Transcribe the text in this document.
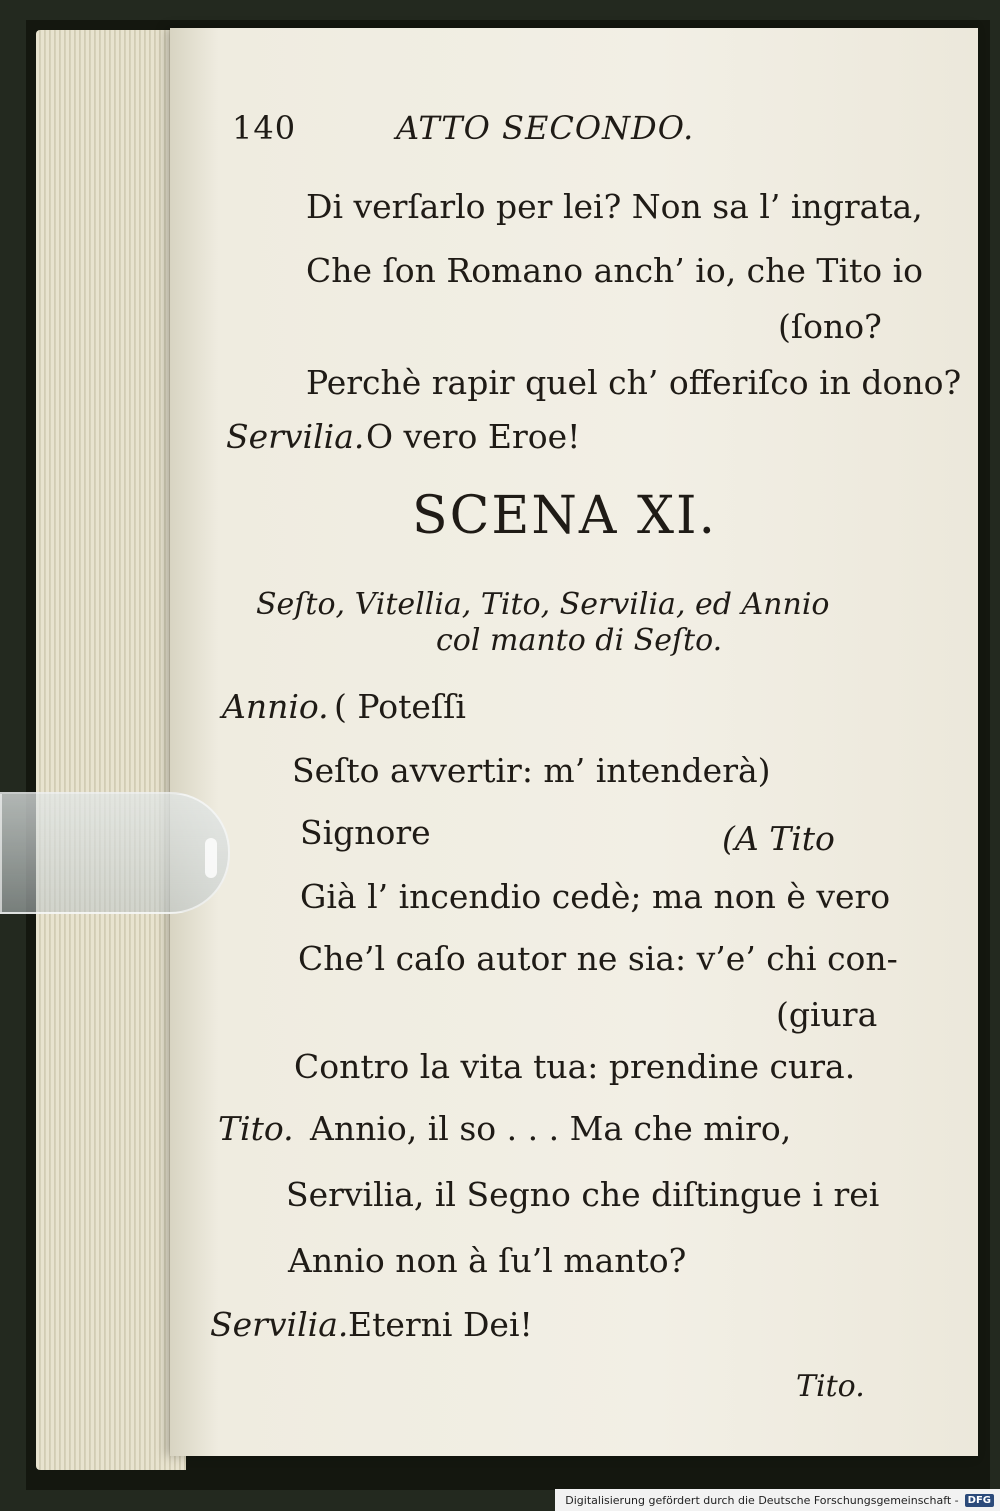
140	ATTO SECONDO.
Di verſarlo per lei? Non sa l’ ingrata,
Che ſon Romano anch’ io, che Tito io
(ſono?
Perchè rapir quel ch’ offeriſco in dono?
Servilia. O vero Eroe!
SCENA XI.
Seſto, Vitellia, Tito, Servilia, ed Annio
col manto di Seſto.
Annio. ( Poteſſi
Seſto avvertir: m’ intenderà)
Signore	(A Tito
Già l’ incendio cedè; ma non è vero
Che’l caſo autor ne sia: v’e’ chi con-
(giura
Contro la vita tua: prendine cura.
Tito. Annio, il so . . . Ma che miro,
Servilia, il Segno che diſtingue i rei
Annio non à ſu’l manto?
Servilia. Eterni Dei!
Tito.
Digitalisierung gefördert durch die Deutsche Forschungsgemeinschaft - DFG
